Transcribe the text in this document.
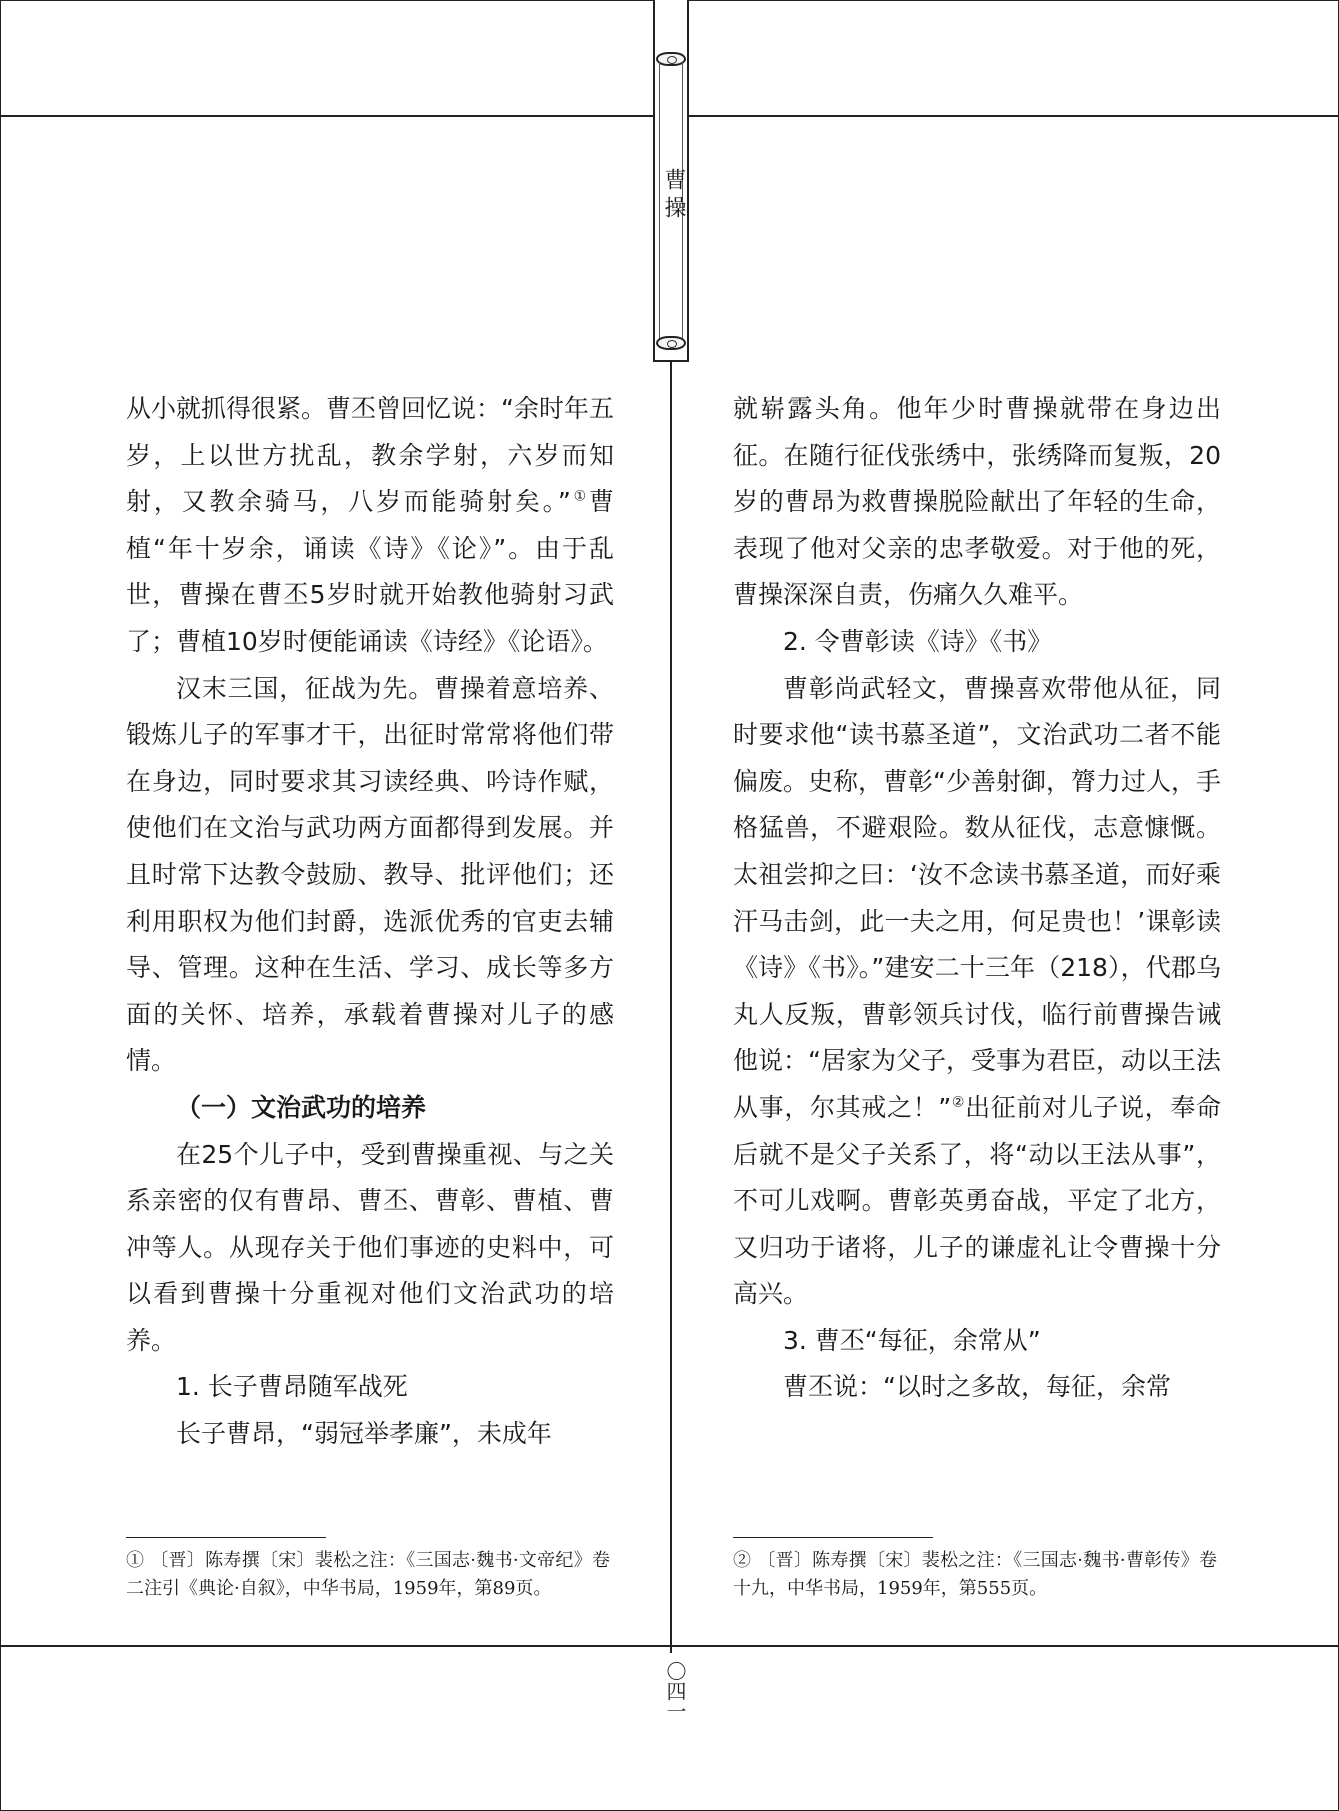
曹操

从小就抓得很紧。曹丕曾回忆说：“余时年五岁，上以世方扰乱，教余学射，六岁而知射，又教余骑马，八岁而能骑射矣。”①曹植“年十岁余，诵读《诗》《论》”。由于乱世，曹操在曹丕5岁时就开始教他骑射习武了；曹植10岁时便能诵读《诗经》《论语》。

汉末三国，征战为先。曹操着意培养、锻炼儿子的军事才干，出征时常常将他们带在身边，同时要求其习读经典、吟诗作赋，使他们在文治与武功两方面都得到发展。并且时常下达教令鼓励、教导、批评他们；还利用职权为他们封爵，选派优秀的官吏去辅导、管理。这种在生活、学习、成长等多方面的关怀、培养，承载着曹操对儿子的感情。

（一）文治武功的培养

在25个儿子中，受到曹操重视、与之关系亲密的仅有曹昂、曹丕、曹彰、曹植、曹冲等人。从现存关于他们事迹的史料中，可以看到曹操十分重视对他们文治武功的培养。

1. 长子曹昂随军战死

长子曹昂，“弱冠举孝廉”，未成年

就崭露头角。他年少时曹操就带在身边出征。在随行征伐张绣中，张绣降而复叛，20岁的曹昂为救曹操脱险献出了年轻的生命，表现了他对父亲的忠孝敬爱。对于他的死，曹操深深自责，伤痛久久难平。

2. 令曹彰读《诗》《书》

曹彰尚武轻文，曹操喜欢带他从征，同时要求他“读书慕圣道”，文治武功二者不能偏废。史称，曹彰“少善射御，膂力过人，手格猛兽，不避艰险。数从征伐，志意慷慨。太祖尝抑之曰：‘汝不念读书慕圣道，而好乘汗马击剑，此一夫之用，何足贵也！’课彰读《诗》《书》。”建安二十三年（218），代郡乌丸人反叛，曹彰领兵讨伐，临行前曹操告诫他说：“居家为父子，受事为君臣，动以王法从事，尔其戒之！”②出征前对儿子说，奉命后就不是父子关系了，将“动以王法从事”，不可儿戏啊。曹彰英勇奋战，平定了北方，又归功于诸将，儿子的谦虚礼让令曹操十分高兴。

3. 曹丕“每征，余常从”

曹丕说：“以时之多故，每征，余常

① 〔晋〕陈寿撰〔宋〕裴松之注：《三国志·魏书·文帝纪》卷二注引《典论·自叙》，中华书局，1959年，第89页。
② 〔晋〕陈寿撰〔宋〕裴松之注：《三国志·魏书·曹彰传》卷十九，中华书局，1959年，第555页。
〇四一
